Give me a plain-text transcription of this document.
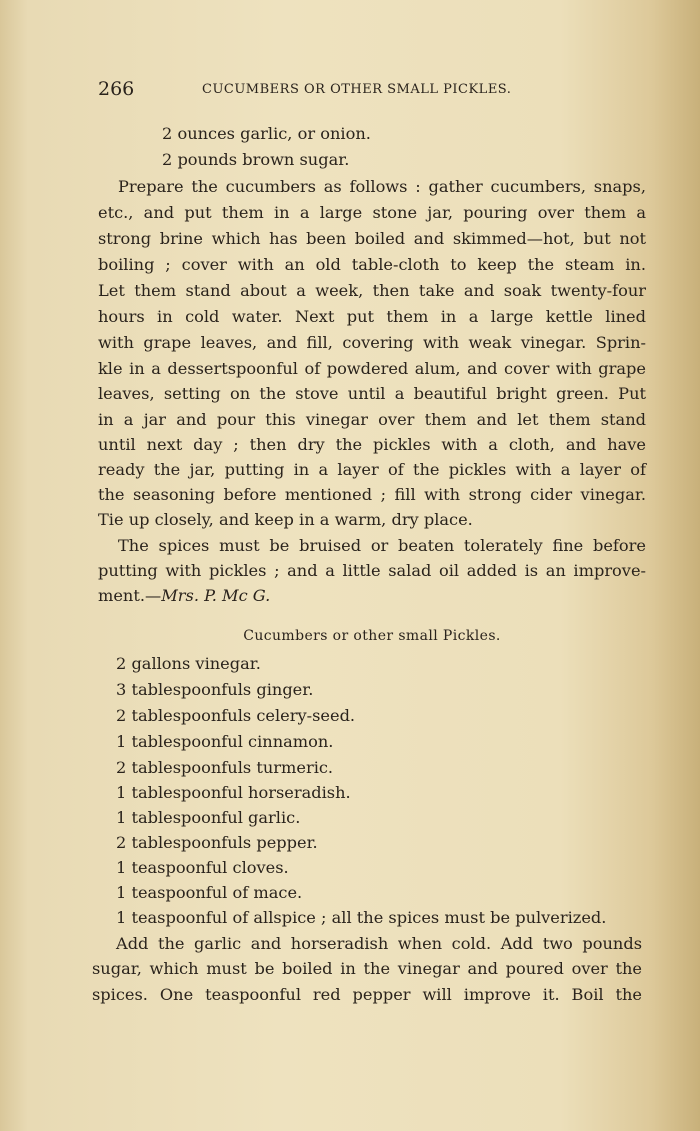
266	CUCUMBERS OR OTHER SMALL PICKLES.
2 ounces garlic, or onion.
2 pounds brown sugar.
Prepare the cucumbers as follows : gather cucumbers, snaps,
etc., and put them in a large stone jar, pouring over them a
strong brine which has been boiled and skimmed—hot, but not
boiling ; cover with an old table-cloth to keep the steam in.
Let them stand about a week, then take and soak twenty-four
hours in cold water. Next put them in a large kettle lined
with grape leaves, and fill, covering with weak vinegar. Sprin-
kle in a dessertspoonful of powdered alum, and cover with grape
leaves, setting on the stove until a beautiful bright green. Put
in a jar and pour this vinegar over them and let them stand
until next day ; then dry the pickles with a cloth, and have
ready the jar, putting in a layer of the pickles with a layer of
the seasoning before mentioned ; fill with strong cider vinegar.
Tie up closely, and keep in a warm, dry place.
The spices must be bruised or beaten tolerately fine before
putting with pickles ; and a little salad oil added is an improve-
ment.—Mrs. P. Mc G.
Cucumbers or other small Pickles.
2 gallons vinegar.
3 tablespoonfuls ginger.
2 tablespoonfuls celery-seed.
1 tablespoonful cinnamon.
2 tablespoonfuls turmeric.
1 tablespoonful horseradish.
1 tablespoonful garlic.
2 tablespoonfuls pepper.
1 teaspoonful cloves.
1 teaspoonful of mace.
1 teaspoonful of allspice ; all the spices must be pulverized.
Add the garlic and horseradish when cold. Add two pounds
sugar, which must be boiled in the vinegar and poured over the
spices. One teaspoonful red pepper will improve it. Boil the
